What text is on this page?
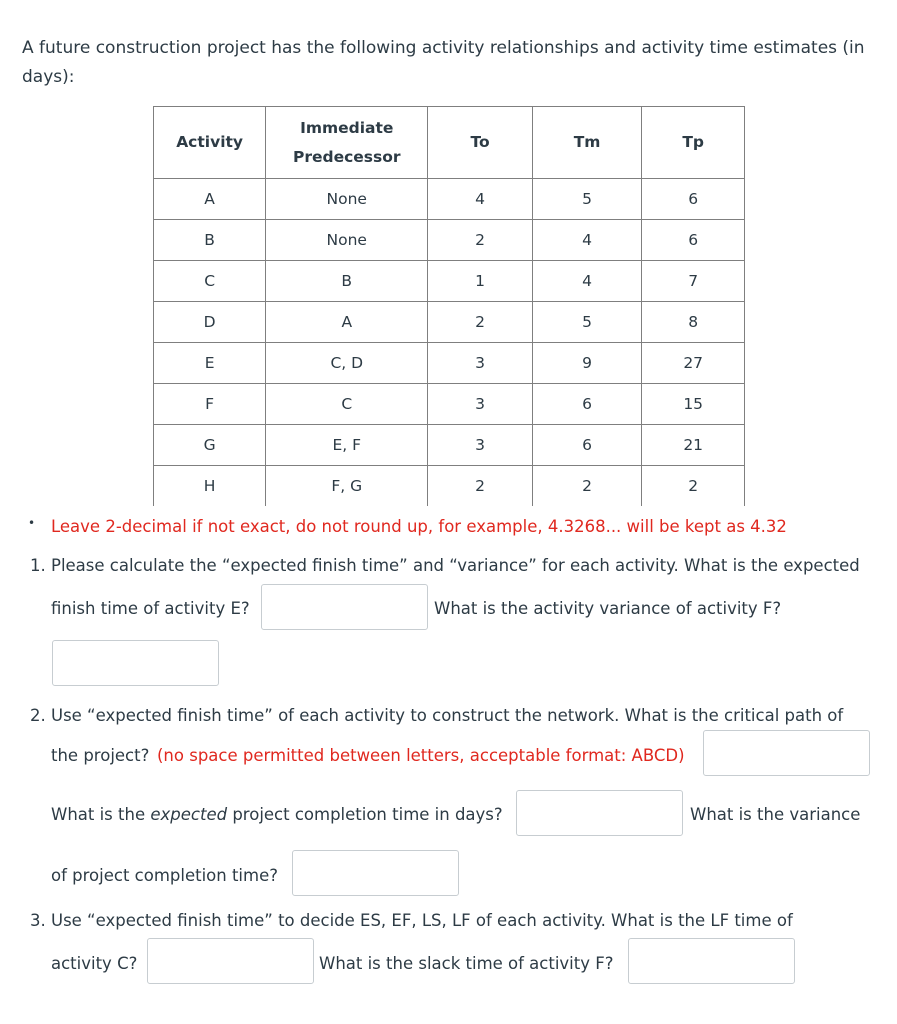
A future construction project has the following activity relationships and activity time estimates (in days):
Activity	Immediate
Predecessor	To	Tm	Tp
A	None	4	5	6
B	None	2	4	6
C	B	1	4	7
D	A	2	5	8
E	C, D	3	9	27
F	C	3	6	15
G	E, F	3	6	21
H	F, G	2	2	2
• Leave 2-decimal if not exact, do not round up, for example, 4.3268... will be kept as 4.32
1. Please calculate the “expected finish time” and “variance” for each activity. What is the expected
finish time of activity E?	What is the activity variance of activity F?
2. Use “expected finish time” of each activity to construct the network. What is the critical path of
the project? (no space permitted between letters, acceptable format: ABCD)
What is the expected project completion time in days?	What is the variance
of project completion time?
3. Use “expected finish time” to decide ES, EF, LS, LF of each activity. What is the LF time of
activity C?	What is the slack time of activity F?
